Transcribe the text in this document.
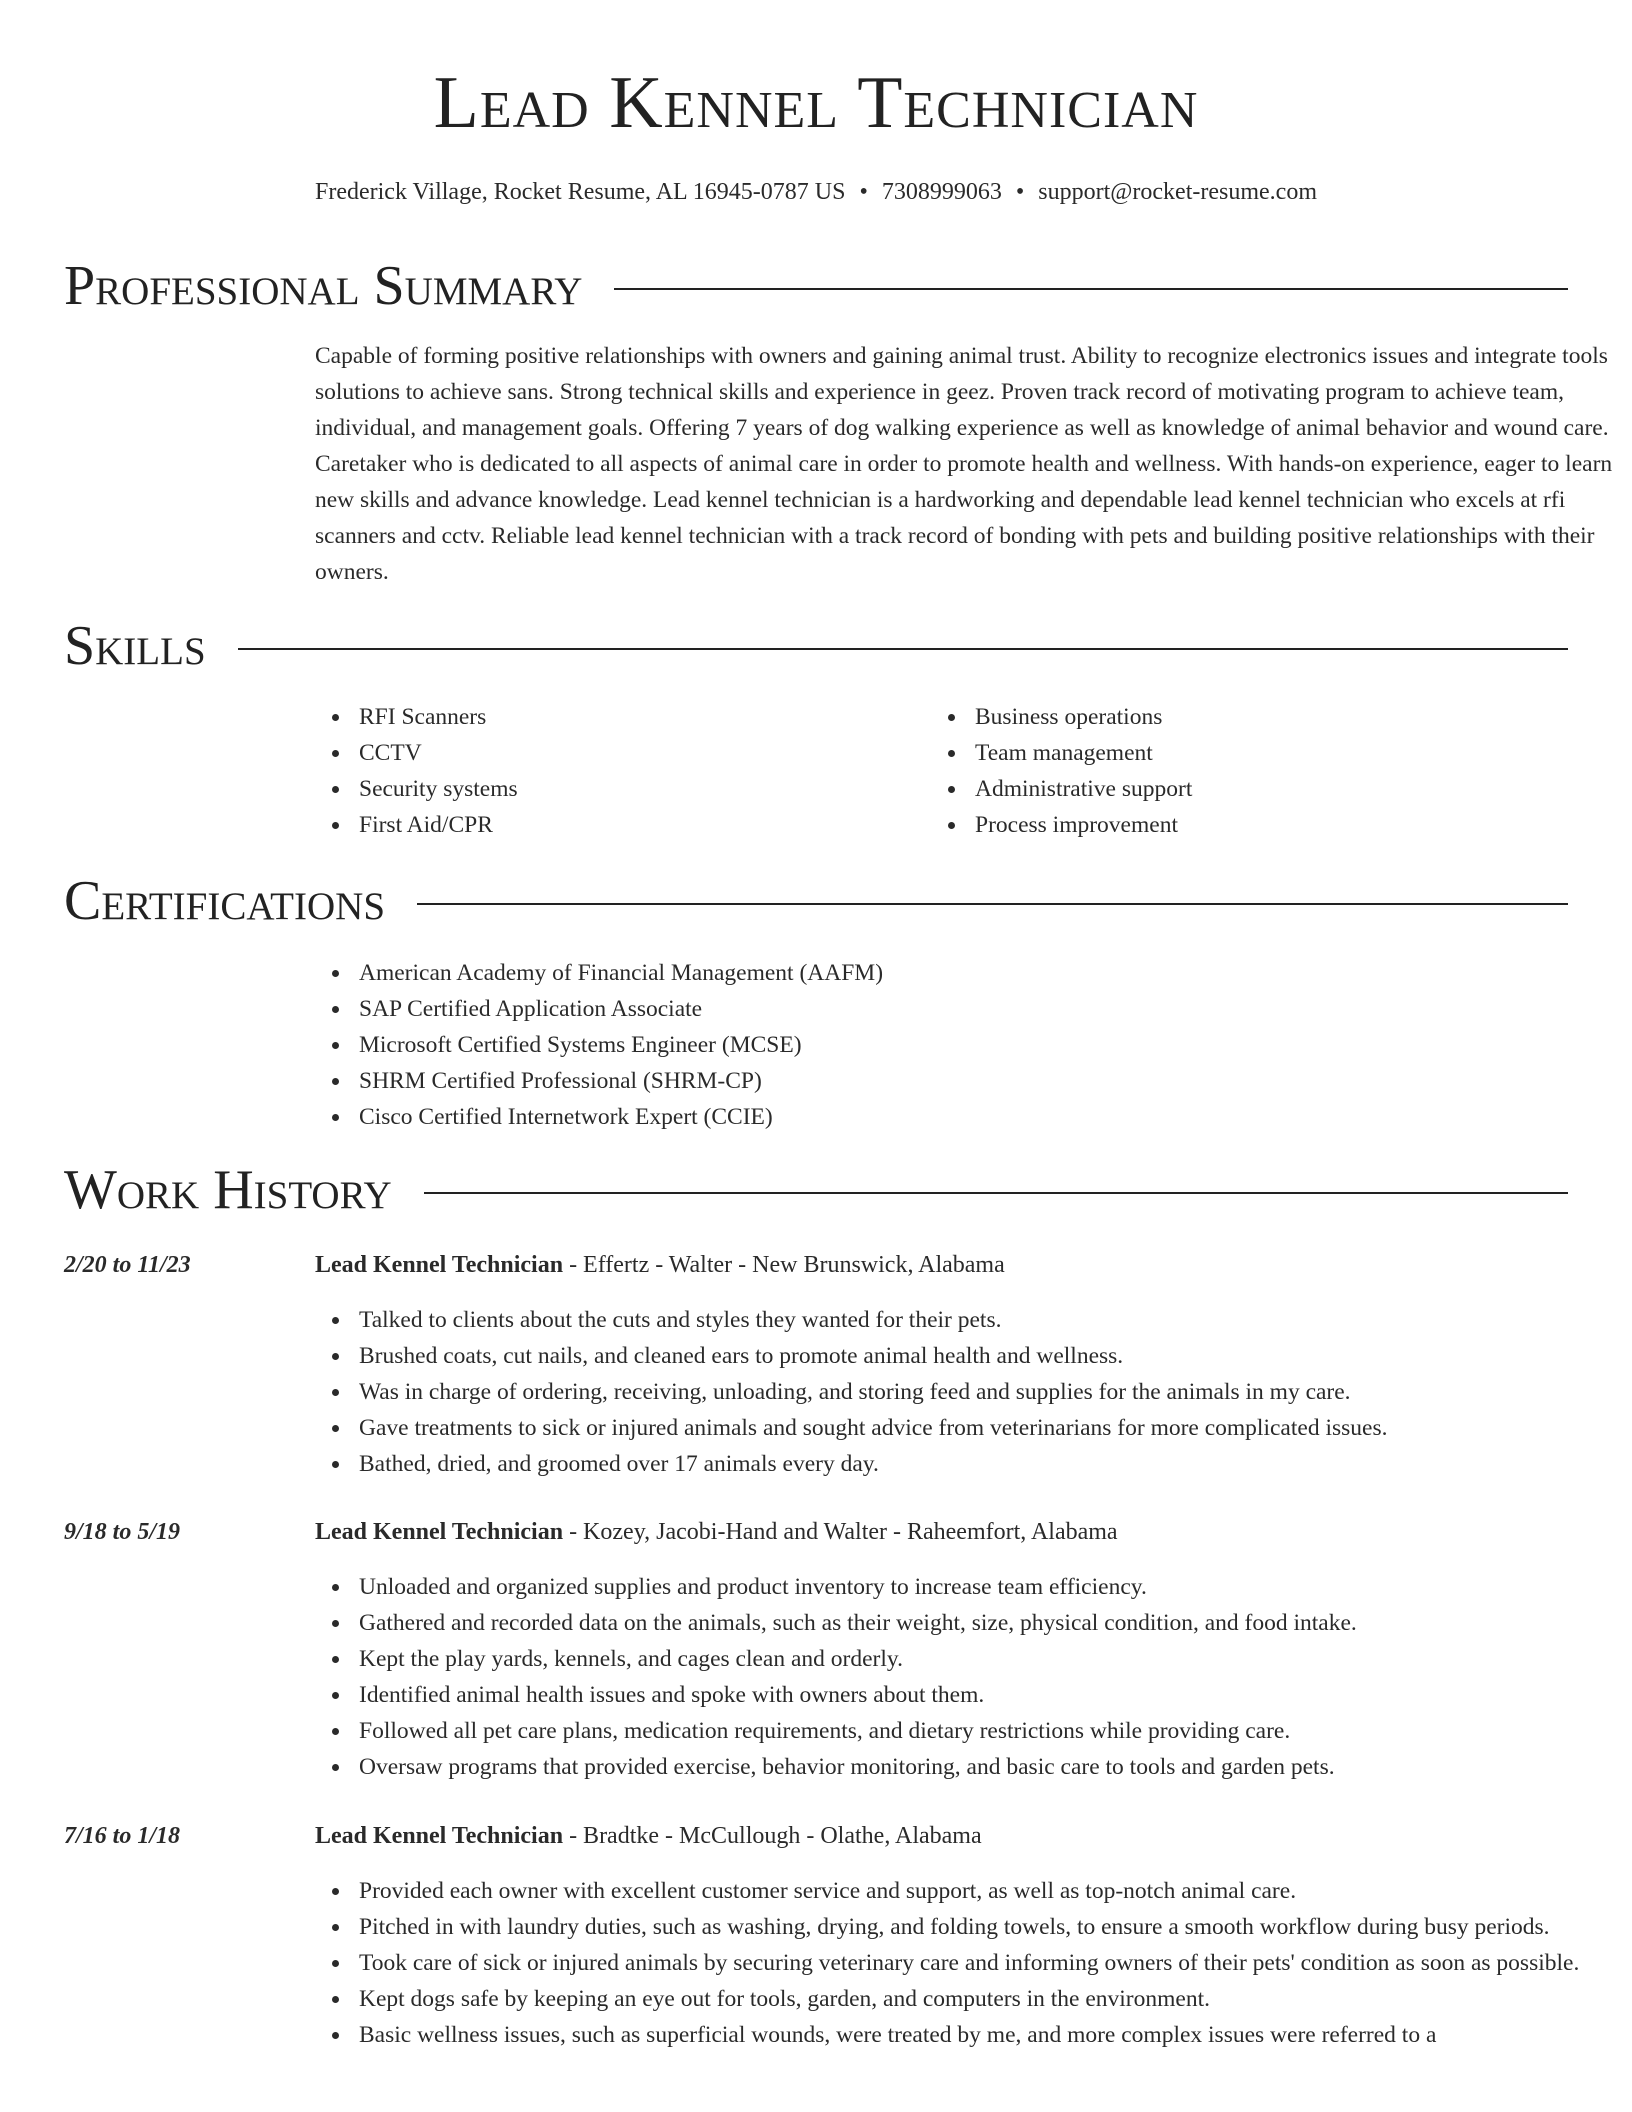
Lead Kennel Technician
Frederick Village, Rocket Resume, AL 16945-0787 US • 7308999063 • support@rocket-resume.com
Professional Summary

Capable of forming positive relationships with owners and gaining animal trust. Ability to recognize electronics issues and integrate tools solutions to achieve sans. Strong technical skills and experience in geez. Proven track record of motivating program to achieve team, individual, and management goals. Offering 7 years of dog walking experience as well as knowledge of animal behavior and wound care. Caretaker who is dedicated to all aspects of animal care in order to promote health and wellness. With hands-on experience, eager to learn new skills and advance knowledge. Lead kennel technician is a hardworking and dependable lead kennel technician who excels at rfi scanners and cctv. Reliable lead kennel technician with a track record of bonding with pets and building positive relationships with their owners.

Skills
RFI Scanners
CCTV
Security systems
First Aid/CPR
Business operations
Team management
Administrative support
Process improvement
Certifications
American Academy of Financial Management (AAFM)
SAP Certified Application Associate
Microsoft Certified Systems Engineer (MCSE)
SHRM Certified Professional (SHRM-CP)
Cisco Certified Internetwork Expert (CCIE)
Work History
2/20 to 11/23	Lead Kennel Technician - Effertz - Walter - New Brunswick, Alabama
Talked to clients about the cuts and styles they wanted for their pets.
Brushed coats, cut nails, and cleaned ears to promote animal health and wellness.
Was in charge of ordering, receiving, unloading, and storing feed and supplies for the animals in my care.
Gave treatments to sick or injured animals and sought advice from veterinarians for more complicated issues.
Bathed, dried, and groomed over 17 animals every day.
9/18 to 5/19	Lead Kennel Technician - Kozey, Jacobi-Hand and Walter - Raheemfort, Alabama
Unloaded and organized supplies and product inventory to increase team efficiency.
Gathered and recorded data on the animals, such as their weight, size, physical condition, and food intake.
Kept the play yards, kennels, and cages clean and orderly.
Identified animal health issues and spoke with owners about them.
Followed all pet care plans, medication requirements, and dietary restrictions while providing care.
Oversaw programs that provided exercise, behavior monitoring, and basic care to tools and garden pets.
7/16 to 1/18	Lead Kennel Technician - Bradtke - McCullough - Olathe, Alabama
Provided each owner with excellent customer service and support, as well as top-notch animal care.
Pitched in with laundry duties, such as washing, drying, and folding towels, to ensure a smooth workflow during busy periods.
Took care of sick or injured animals by securing veterinary care and informing owners of their pets' condition as soon as possible.
Kept dogs safe by keeping an eye out for tools, garden, and computers in the environment.
Basic wellness issues, such as superficial wounds, were treated by me, and more complex issues were referred to a
